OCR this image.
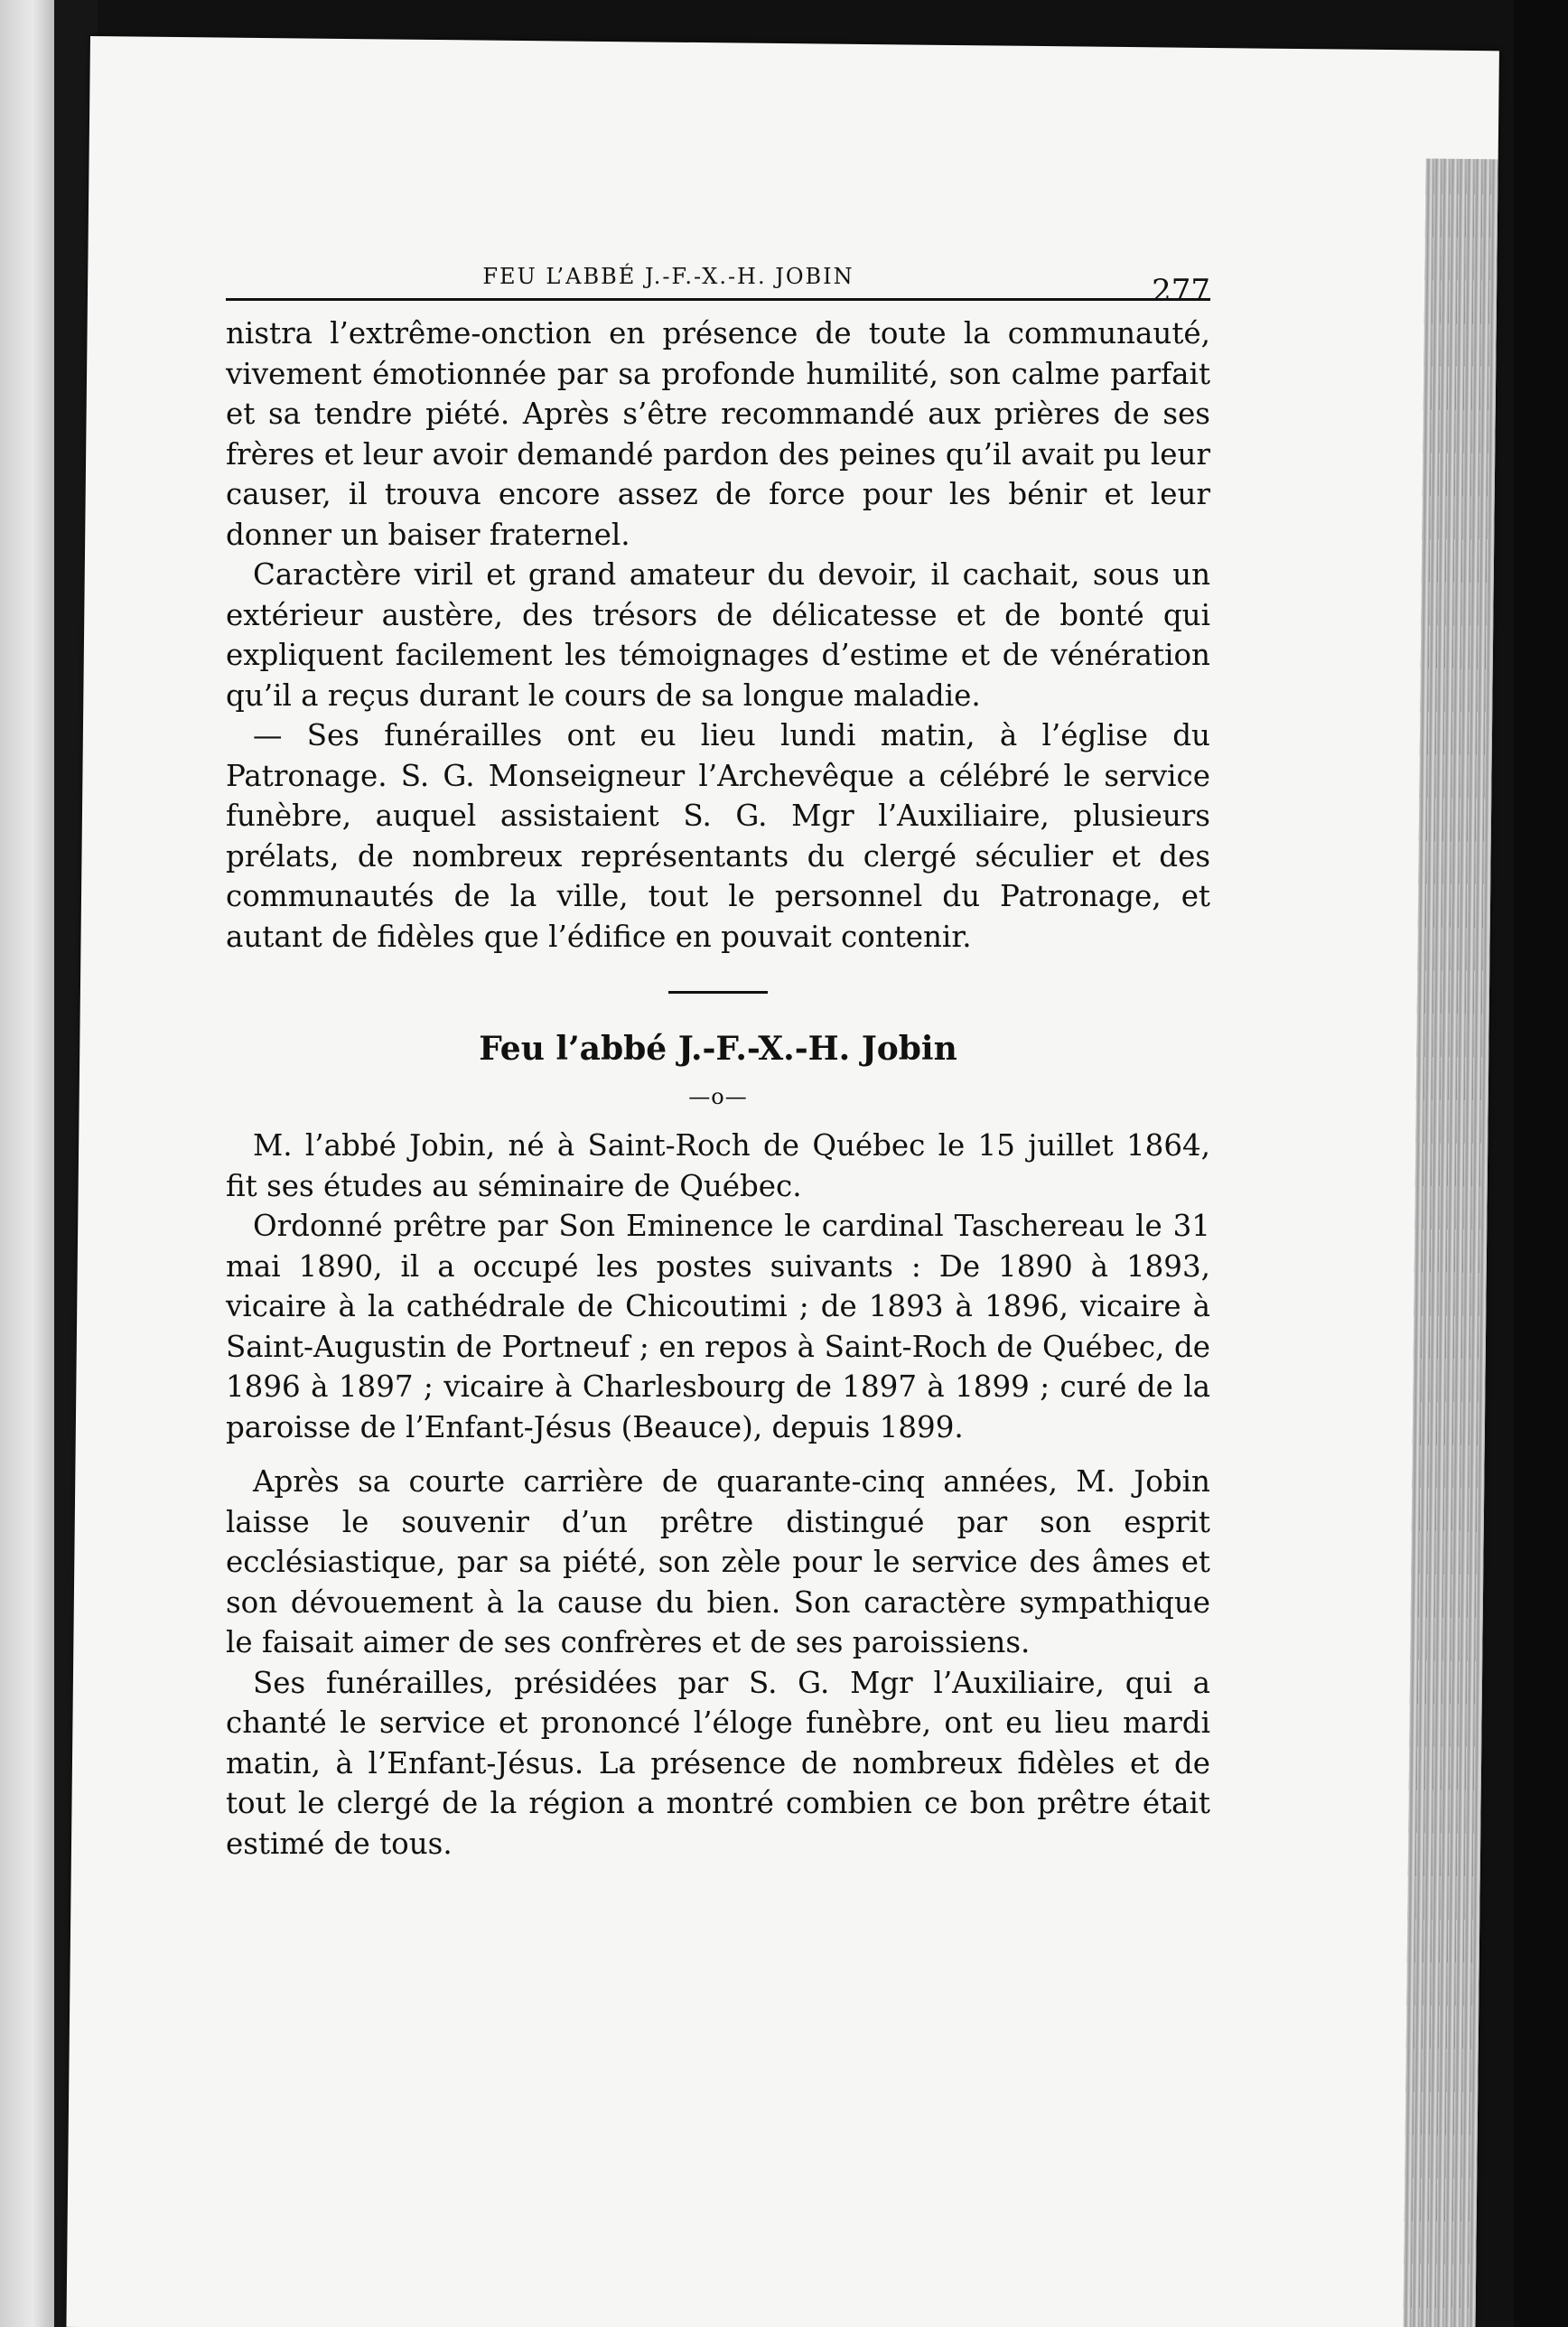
FEU L’ABBÉ J.-F.-X.-H. JOBIN	277

nistra l’extrême-onction en présence de toute la communauté, vivement émotionnée par sa profonde humilité, son calme parfait et sa tendre piété. Après s’être recommandé aux prières de ses frères et leur avoir demandé pardon des peines qu’il avait pu leur causer, il trouva encore assez de force pour les bénir et leur donner un baiser fraternel.

Caractère viril et grand amateur du devoir, il cachait, sous un extérieur austère, des trésors de délicatesse et de bonté qui expliquent facilement les témoignages d’estime et de vénération qu’il a reçus durant le cours de sa longue maladie.

— Ses funérailles ont eu lieu lundi matin, à l’église du Patronage. S. G. Monseigneur l’Archevêque a célébré le service funèbre, auquel assistaient S. G. Mgr l’Auxiliaire, plusieurs prélats, de nombreux représentants du clergé séculier et des communautés de la ville, tout le personnel du Patronage, et autant de fidèles que l’édifice en pouvait contenir.

Feu l’abbé J.-F.-X.-H. Jobin
—o—

M. l’abbé Jobin, né à Saint-Roch de Québec le 15 juillet 1864, fit ses études au séminaire de Québec.

Ordonné prêtre par Son Eminence le cardinal Taschereau le 31 mai 1890, il a occupé les postes suivants : De 1890 à 1893, vicaire à la cathédrale de Chicoutimi ; de 1893 à 1896, vicaire à Saint-Augustin de Portneuf ; en repos à Saint-Roch de Québec, de 1896 à 1897 ; vicaire à Charlesbourg de 1897 à 1899 ; curé de la paroisse de l’Enfant-Jésus (Beauce), depuis 1899.

Après sa courte carrière de quarante-cinq années, M. Jobin laisse le souvenir d’un prêtre distingué par son esprit ecclésiastique, par sa piété, son zèle pour le service des âmes et son dévouement à la cause du bien. Son caractère sympathique le faisait aimer de ses confrères et de ses paroissiens.

Ses funérailles, présidées par S. G. Mgr l’Auxiliaire, qui a chanté le service et prononcé l’éloge funèbre, ont eu lieu mardi matin, à l’Enfant-Jésus. La présence de nombreux fidèles et de tout le clergé de la région a montré combien ce bon prêtre était estimé de tous.
